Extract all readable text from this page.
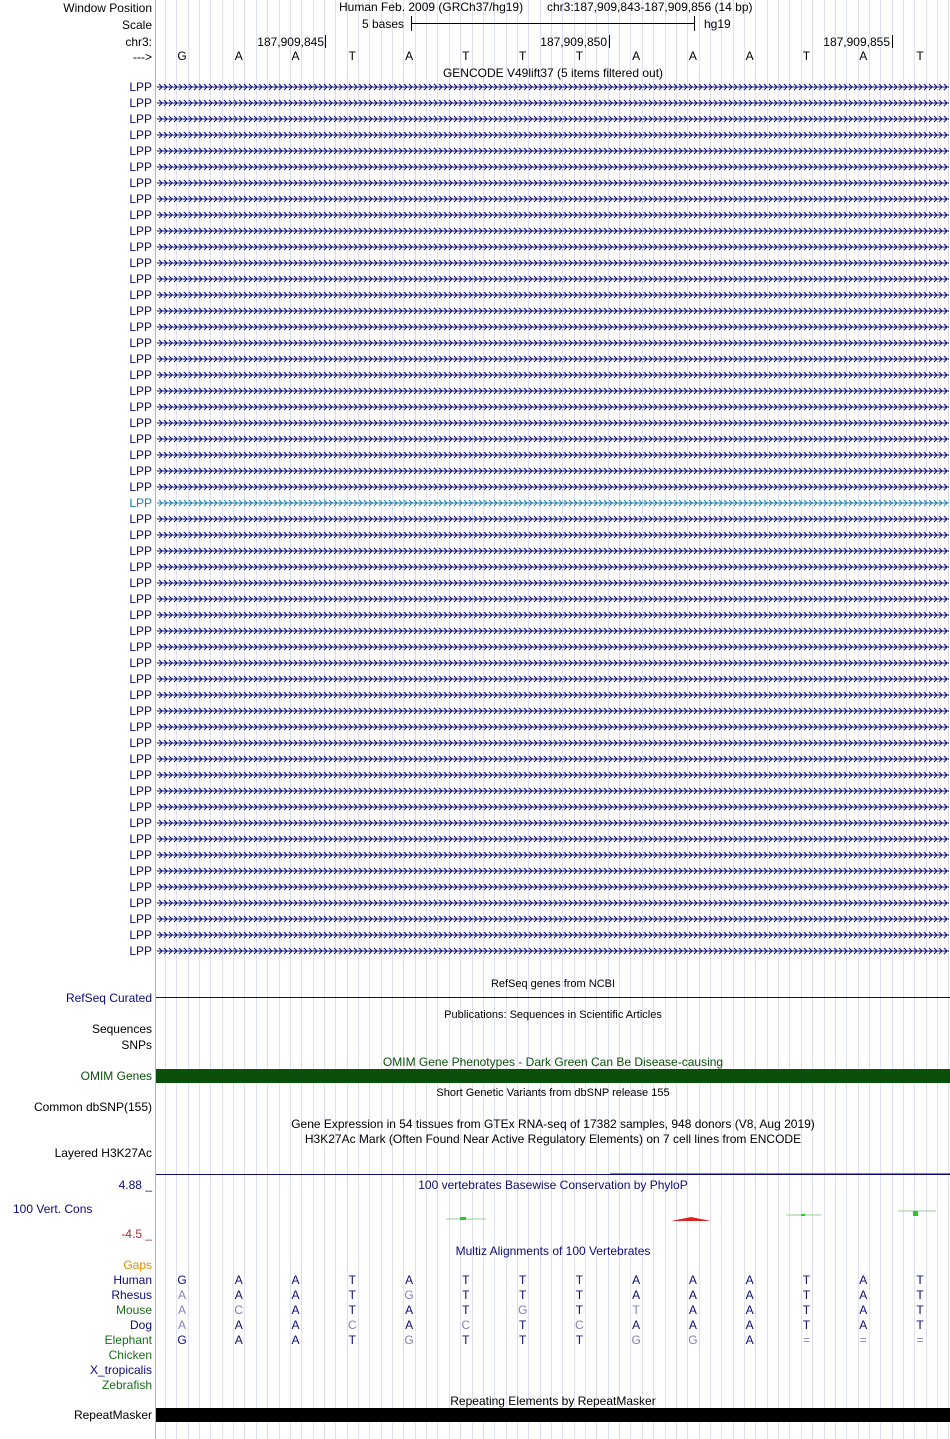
Window Position
Scale
chr3:
--->
Human Feb. 2009 (GRCh37/hg19) chr3:187,909,843-187,909,856 (14 bp)
5 bases	hg19
187,909,845	187,909,850	187,909,855
G	A	A	T	A	T	T	T	A	A	A	T	A	T
GENCODE V49lift37 (5 items filtered out)
LPP
LPP
LPP
LPP
LPP
LPP
LPP
LPP
LPP
LPP
LPP
LPP
LPP
LPP
LPP
LPP
LPP
LPP
LPP
LPP
LPP
LPP
LPP
LPP
LPP
LPP
LPP
LPP
LPP
LPP
LPP
LPP
LPP
LPP
LPP
LPP
LPP
LPP
LPP
LPP
LPP
LPP
LPP
LPP
LPP
LPP
LPP
LPP
LPP
LPP
LPP
LPP
LPP
LPP
LPP
RefSeq genes from NCBI
RefSeq Curated
Publications: Sequences in Scientific Articles
Sequences
SNPs
OMIM Gene Phenotypes - Dark Green Can Be Disease-causing
OMIM Genes
Short Genetic Variants from dbSNP release 155
Common dbSNP(155)
Gene Expression in 54 tissues from GTEx RNA-seq of 17382 samples, 948 donors (V8, Aug 2019)
H3K27Ac Mark (Often Found Near Active Regulatory Elements) on 7 cell lines from ENCODE
Layered H3K27Ac
4.88 _	100 vertebrates Basewise Conservation by PhyloP
100 Vert. Cons
-4.5 _
Multiz Alignments of 100 Vertebrates
Gaps
Human	G	A	A	T	A	T	T	T	A	A	A	T	A	T
Rhesus	A	A	A	T	G	T	T	T	A	A	A	T	A	T
Mouse	A	C	A	T	A	T	G	T	T	A	A	T	A	T
Dog	A	A	A	C	A	C	T	C	A	A	A	T	A	T
Elephant	G	A	A	T	G	T	T	T	G	G	A	=	=	=
Chicken
X_tropicalis
Zebrafish
Repeating Elements by RepeatMasker
RepeatMasker
